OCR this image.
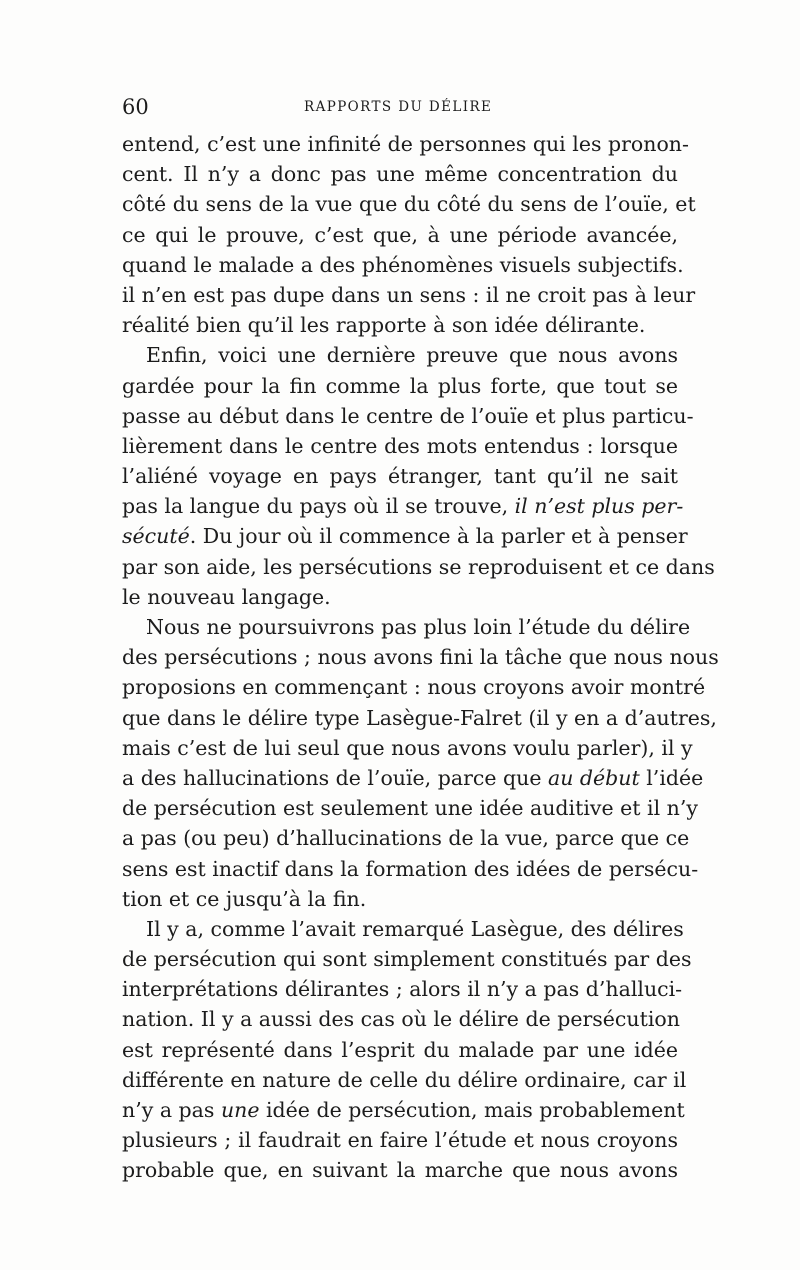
60	RAPPORTS DU DÉLIRE
entend, c’est une infinité de personnes qui les pronon-
cent. Il n’y a donc pas une même concentration du
côté du sens de la vue que du côté du sens de l’ouïe, et
ce qui le prouve, c’est que, à une période avancée,
quand le malade a des phénomènes visuels subjectifs.
il n’en est pas dupe dans un sens : il ne croit pas à leur
réalité bien qu’il les rapporte à son idée délirante.
Enfin, voici une dernière preuve que nous avons
gardée pour la fin comme la plus forte, que tout se
passe au début dans le centre de l’ouïe et plus particu-
lièrement dans le centre des mots entendus : lorsque
l’aliéné voyage en pays étranger, tant qu’il ne sait
pas la langue du pays où il se trouve, il n’est plus per-
sécuté. Du jour où il commence à la parler et à penser
par son aide, les persécutions se reproduisent et ce dans
le nouveau langage.
Nous ne poursuivrons pas plus loin l’étude du délire
des persécutions ; nous avons fini la tâche que nous nous
proposions en commençant : nous croyons avoir montré
que dans le délire type Lasègue-Falret (il y en a d’autres,
mais c’est de lui seul que nous avons voulu parler), il y
a des hallucinations de l’ouïe, parce que au début l’idée
de persécution est seulement une idée auditive et il n’y
a pas (ou peu) d’hallucinations de la vue, parce que ce
sens est inactif dans la formation des idées de persécu-
tion et ce jusqu’à la fin.
Il y a, comme l’avait remarqué Lasègue, des délires
de persécution qui sont simplement constitués par des
interprétations délirantes ; alors il n’y a pas d’halluci-
nation. Il y a aussi des cas où le délire de persécution
est représenté dans l’esprit du malade par une idée
différente en nature de celle du délire ordinaire, car il
n’y a pas une idée de persécution, mais probablement
plusieurs ; il faudrait en faire l’étude et nous croyons
probable que, en suivant la marche que nous avons
